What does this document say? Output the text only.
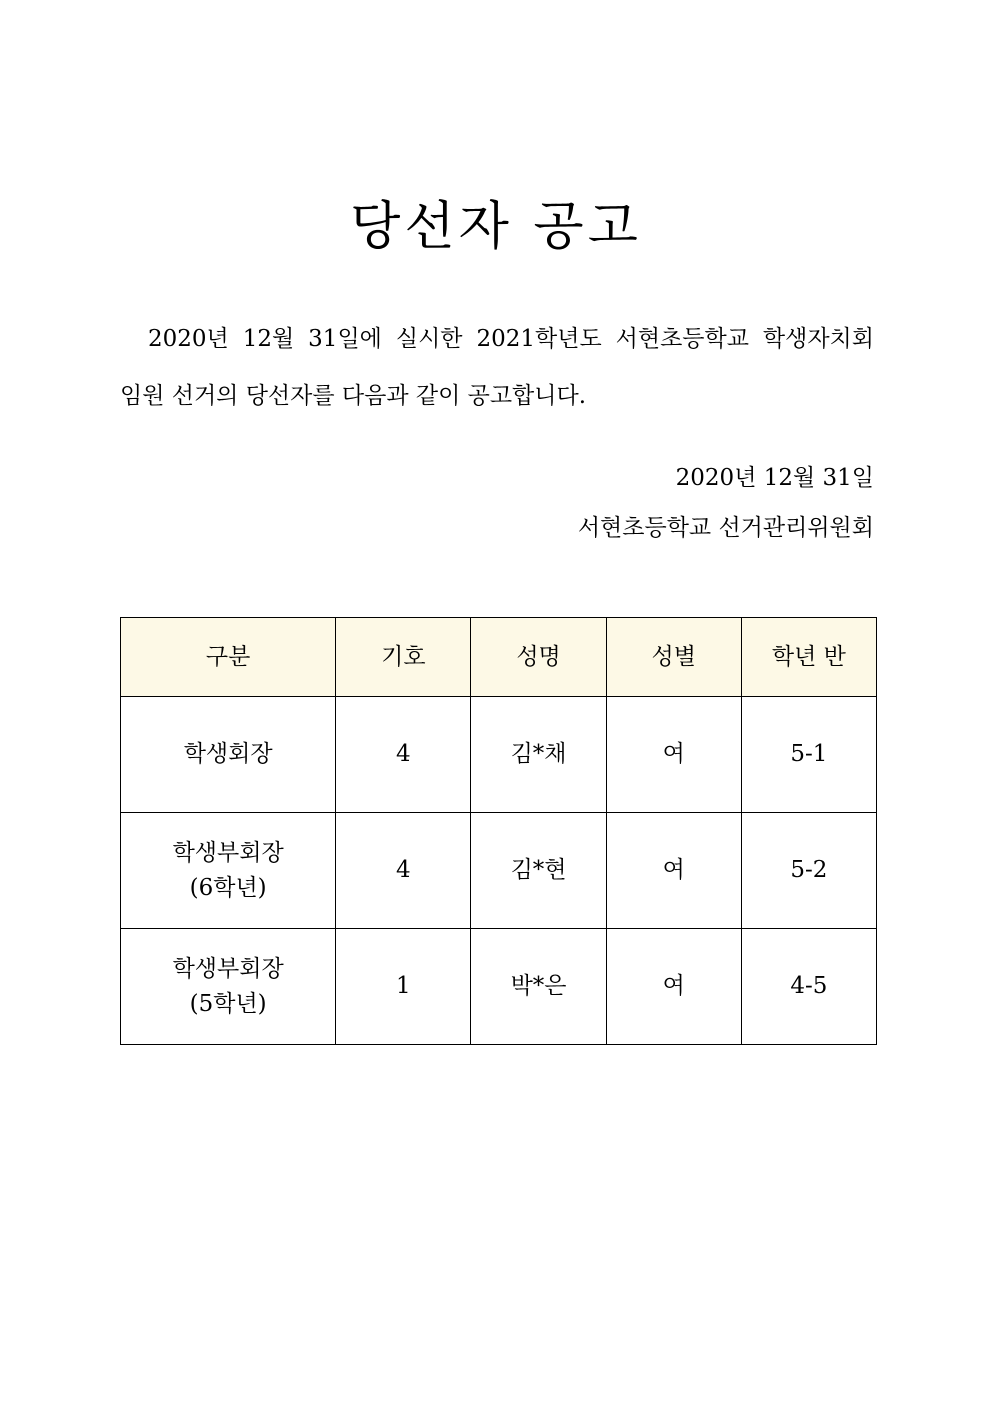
당선자 공고
2020년 12월 31일에 실시한 2021학년도 서현초등학교 학생자치회
임원 선거의 당선자를 다음과 같이 공고합니다.
2020년 12월 31일
서현초등학교 선거관리위원회
구분	기호	성명	성별	학년 반

학생회장	4	김*채	여	5-1

학생부회장
(6학년)	4	김*현	여	5-2

학생부회장
(5학년)	1	박*은	여	4-5
